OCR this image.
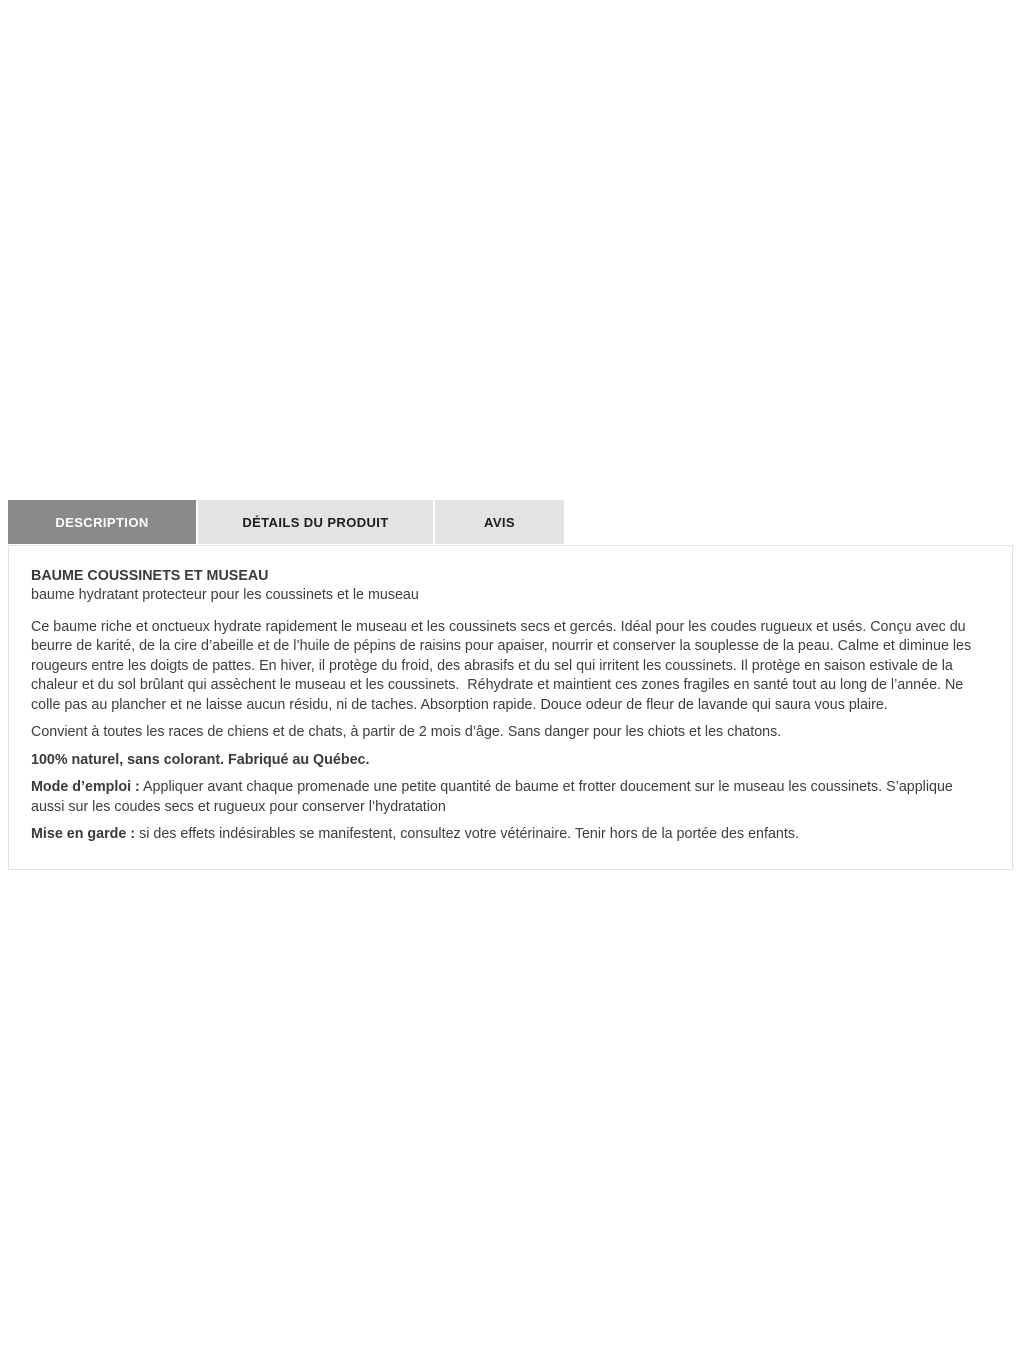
DESCRIPTION	DÉTAILS DU PRODUIT	AVIS
BAUME COUSSINETS ET MUSEAU
baume hydratant protecteur pour les coussinets et le museau

Ce baume riche et onctueux hydrate rapidement le museau et les coussinets secs et gercés. Idéal pour les coudes rugueux et usés. Conçu avec du beurre de karité, de la cire d’abeille et de l’huile de pépins de raisins pour apaiser, nourrir et conserver la souplesse de la peau. Calme et diminue les rougeurs entre les doigts de pattes. En hiver, il protège du froid, des abrasifs et du sel qui irritent les coussinets. Il protège en saison estivale de la chaleur et du sol brûlant qui assèchent le museau et les coussinets.  Réhydrate et maintient ces zones fragiles en santé tout au long de l’année. Ne colle pas au plancher et ne laisse aucun résidu, ni de taches. Absorption rapide. Douce odeur de fleur de lavande qui saura vous plaire.

Convient à toutes les races de chiens et de chats, à partir de 2 mois d’âge. Sans danger pour les chiots et les chatons.

100% naturel, sans colorant. Fabriqué au Québec.

Mode d’emploi : Appliquer avant chaque promenade une petite quantité de baume et frotter doucement sur le museau les coussinets. S’applique aussi sur les coudes secs et rugueux pour conserver l’hydratation

Mise en garde : si des effets indésirables se manifestent, consultez votre vétérinaire. Tenir hors de la portée des enfants.
